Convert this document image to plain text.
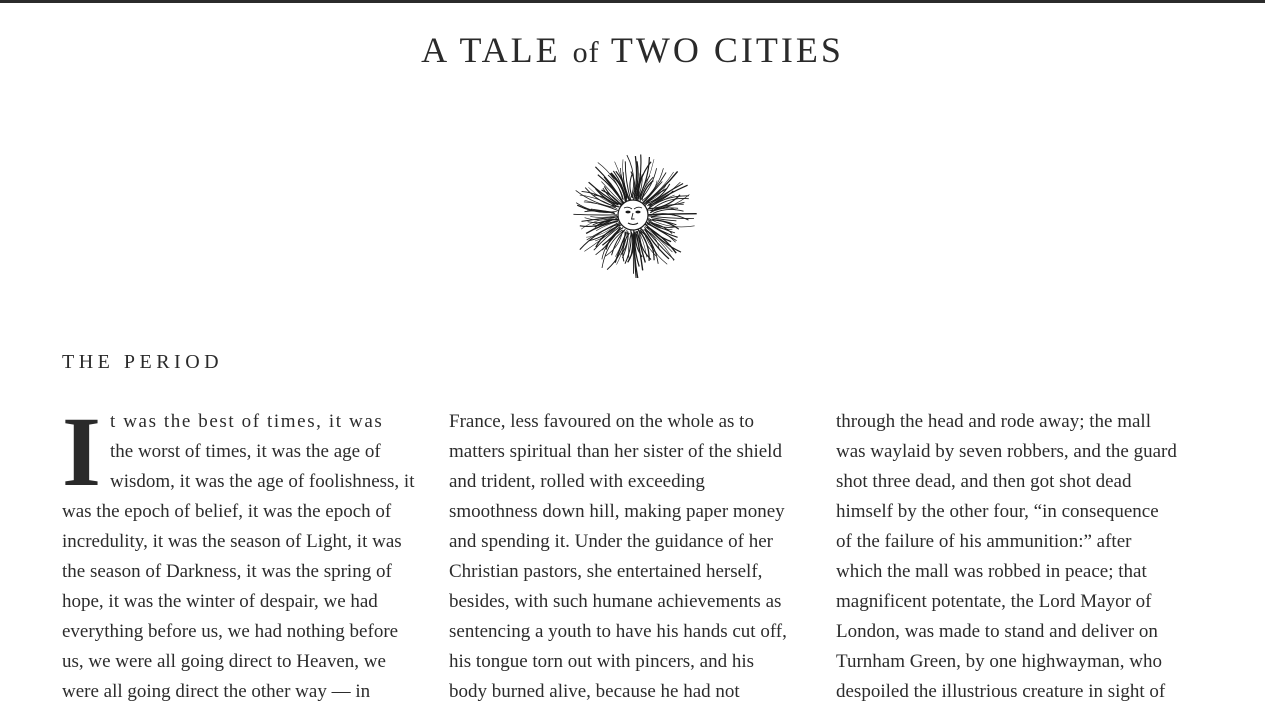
A TALE of TWO CITIES
THE PERIOD
I t was the best of times, it was
the worst of times, it was the age of
wisdom, it was the age of foolishness, it
was the epoch of belief, it was the epoch of
incredulity, it was the season of Light, it was
the season of Darkness, it was the spring of
hope, it was the winter of despair, we had
everything before us, we had nothing before
us, we were all going direct to Heaven, we
were all going direct the other way — in
France, less favoured on the whole as to
matters spiritual than her sister of the shield
and trident, rolled with exceeding
smoothness down hill, making paper money
and spending it. Under the guidance of her
Christian pastors, she entertained herself,
besides, with such humane achievements as
sentencing a youth to have his hands cut off,
his tongue torn out with pincers, and his
body burned alive, because he had not
through the head and rode away; the mall
was waylaid by seven robbers, and the guard
shot three dead, and then got shot dead
himself by the other four, “in consequence
of the failure of his ammunition:” after
which the mall was robbed in peace; that
magnificent potentate, the Lord Mayor of
London, was made to stand and deliver on
Turnham Green, by one highwayman, who
despoiled the illustrious creature in sight of
